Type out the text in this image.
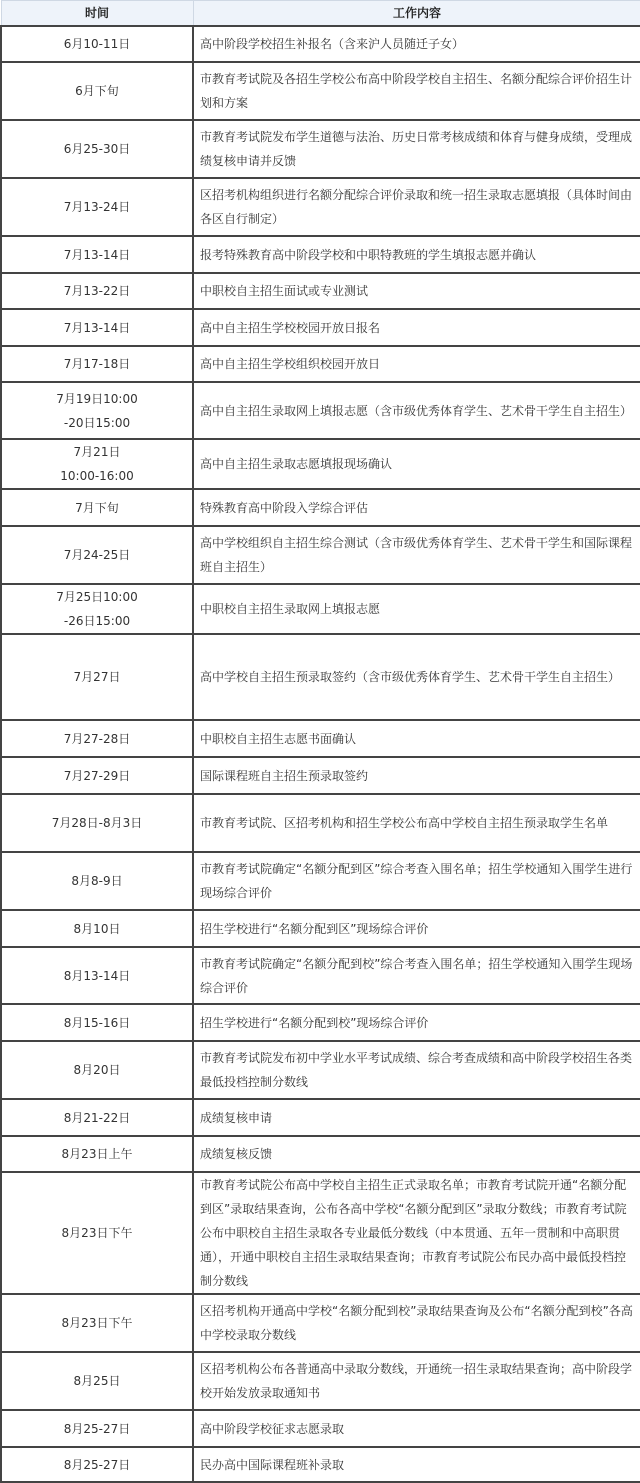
时间	工作内容
6月10-11日	高中阶段学校招生补报名（含来沪人员随迁子女）
6月下旬	市教育考试院及各招生学校公布高中阶段学校自主招生、名额分配综合评价招生计划和方案
6月25-30日	市教育考试院发布学生道德与法治、历史日常考核成绩和体育与健身成绩，受理成绩复核申请并反馈
7月13-24日	区招考机构组织进行名额分配综合评价录取和统一招生录取志愿填报（具体时间由各区自行制定）
7月13-14日	报考特殊教育高中阶段学校和中职特教班的学生填报志愿并确认
7月13-22日	中职校自主招生面试或专业测试
7月13-14日	高中自主招生学校校园开放日报名
7月17-18日	高中自主招生学校组织校园开放日
7月19日10:00
-20日15:00	高中自主招生录取网上填报志愿（含市级优秀体育学生、艺术骨干学生自主招生）
7月21日
10:00-16:00	高中自主招生录取志愿填报现场确认
7月下旬	特殊教育高中阶段入学综合评估
7月24-25日	高中学校组织自主招生综合测试（含市级优秀体育学生、艺术骨干学生和国际课程班自主招生）
7月25日10:00
-26日15:00	中职校自主招生录取网上填报志愿
7月27日	高中学校自主招生预录取签约（含市级优秀体育学生、艺术骨干学生自主招生）
7月27-28日	中职校自主招生志愿书面确认
7月27-29日	国际课程班自主招生预录取签约
7月28日-8月3日	市教育考试院、区招考机构和招生学校公布高中学校自主招生预录取学生名单
8月8-9日	市教育考试院确定“名额分配到区”综合考查入围名单；招生学校通知入围学生进行现场综合评价
8月10日	招生学校进行“名额分配到区”现场综合评价
8月13-14日	市教育考试院确定“名额分配到校”综合考查入围名单；招生学校通知入围学生现场综合评价
8月15-16日	招生学校进行“名额分配到校”现场综合评价
8月20日	市教育考试院发布初中学业水平考试成绩、综合考查成绩和高中阶段学校招生各类最低投档控制分数线
8月21-22日	成绩复核申请
8月23日上午	成绩复核反馈
8月23日下午	市教育考试院公布高中学校自主招生正式录取名单；市教育考试院开通“名额分配到区”录取结果查询，公布各高中学校“名额分配到区”录取分数线；市教育考试院公布中职校自主招生录取各专业最低分数线（中本贯通、五年一贯制和中高职贯通），开通中职校自主招生录取结果查询；市教育考试院公布民办高中最低投档控制分数线
8月23日下午	区招考机构开通高中学校“名额分配到校”录取结果查询及公布“名额分配到校”各高中学校录取分数线
8月25日	区招考机构公布各普通高中录取分数线，开通统一招生录取结果查询；高中阶段学校开始发放录取通知书
8月25-27日	高中阶段学校征求志愿录取
8月25-27日	民办高中国际课程班补录取
